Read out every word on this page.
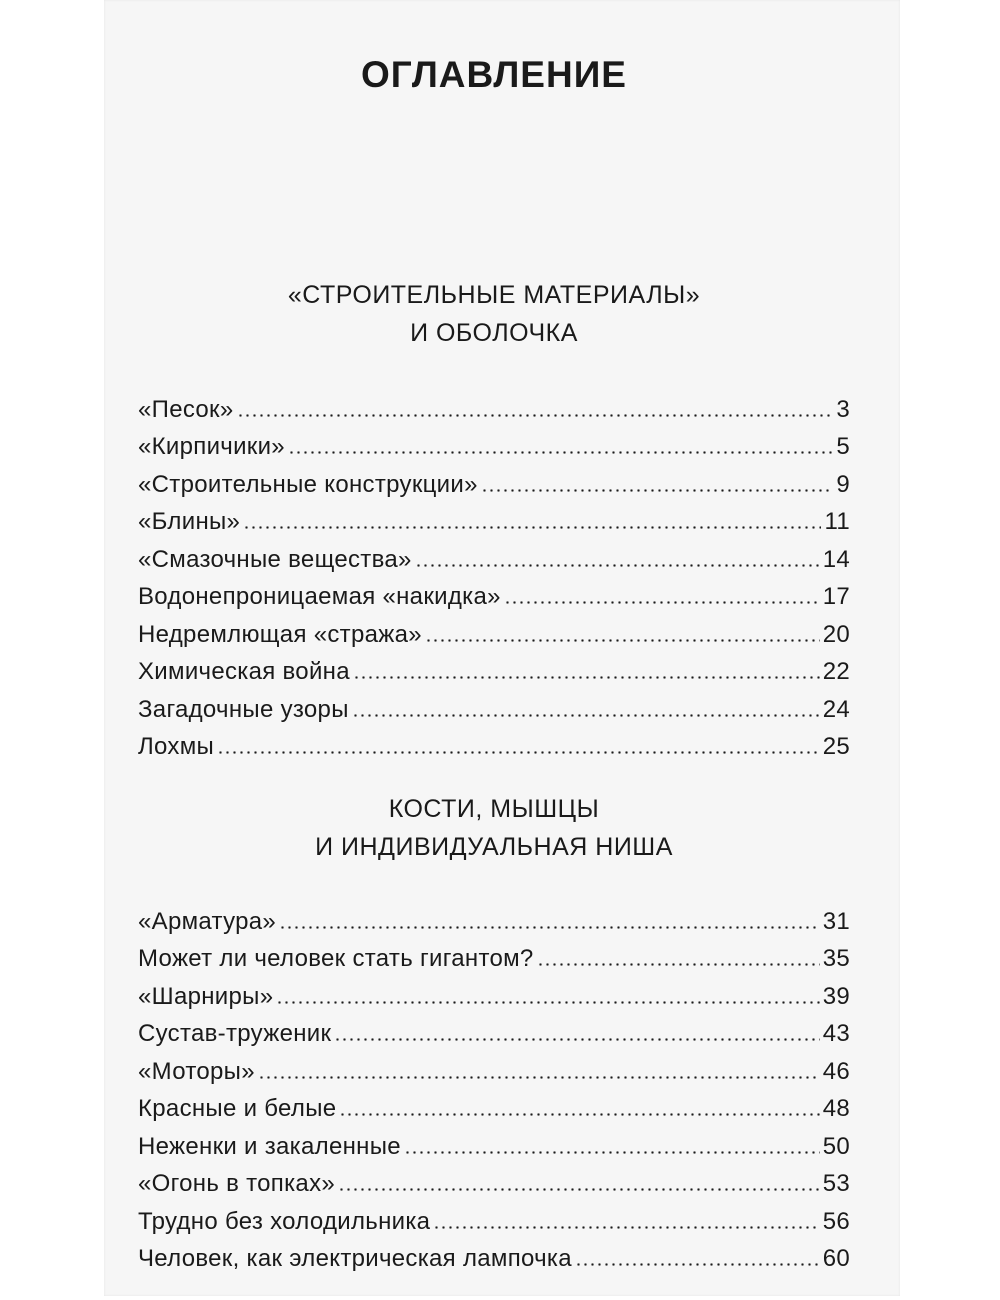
ОГЛАВЛЕНИЕ
«СТРОИТЕЛЬНЫЕ МАТЕРИАЛЫ»
И ОБОЛОЧКА
«Песок»	3
«Кирпичики»	5
«Строительные конструкции»	9
«Блины»	11
«Смазочные вещества»	14
Водонепроницаемая «накидка»	17
Недремлющая «стража»	20
Химическая война	22
Загадочные узоры	24
Лохмы	25
КОСТИ, МЫШЦЫ
И ИНДИВИДУАЛЬНАЯ НИША
«Арматура»	31
Может ли человек стать гигантом?	35
«Шарниры»	39
Сустав-труженик	43
«Моторы»	46
Красные и белые	48
Неженки и закаленные	50
«Огонь в топках»	53
Трудно без холодильника	56
Человек, как электрическая лампочка	60
